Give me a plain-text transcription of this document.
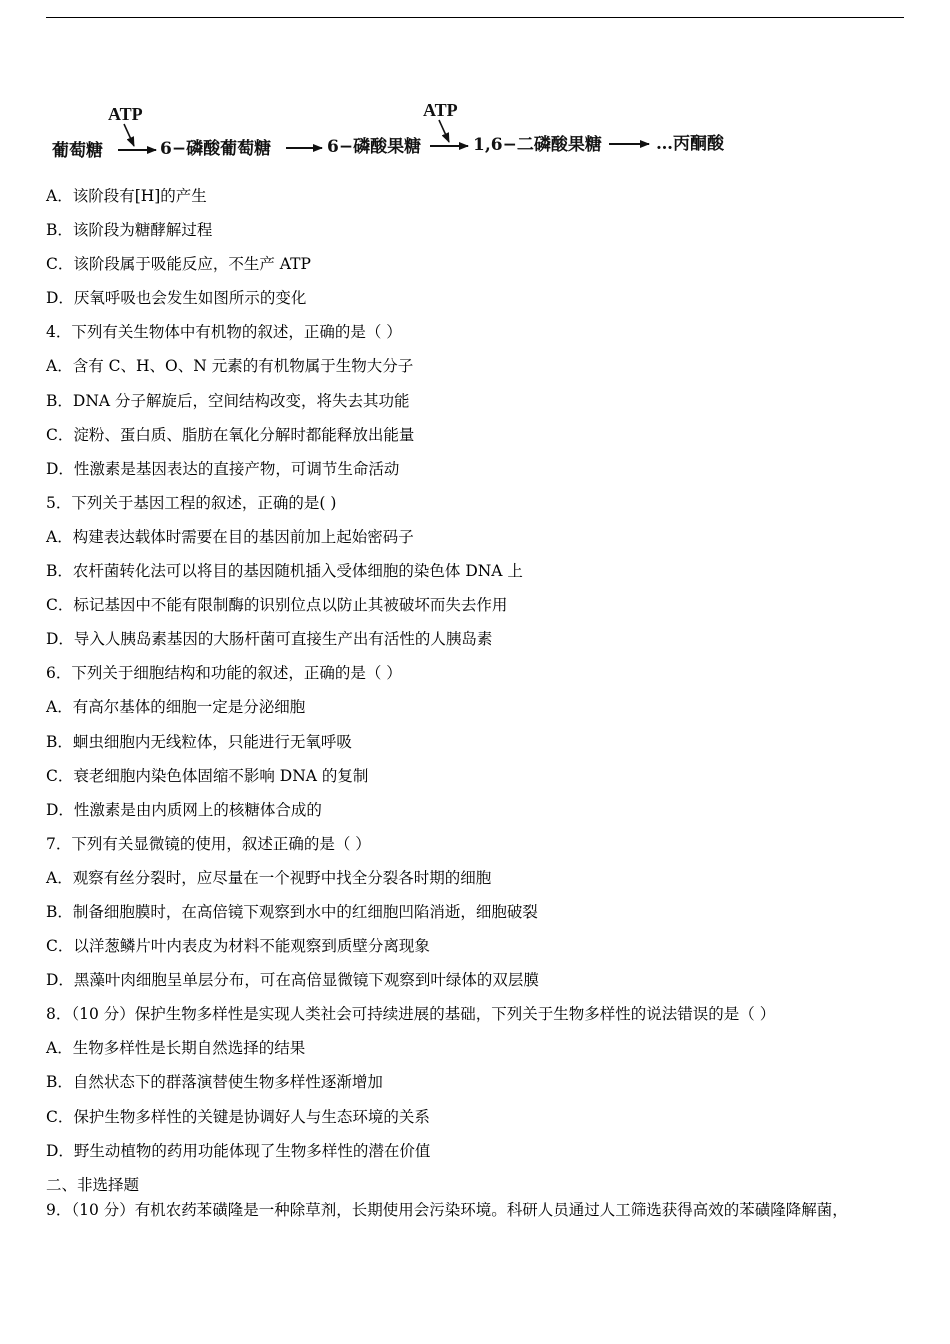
葡萄糖	6−磷酸葡萄糖	6−磷酸果糖	1,6−二磷酸果糖	…丙酮酸
ATP	ATP
A．该阶段有[H]的产生
B．该阶段为糖酵解过程
C．该阶段属于吸能反应，不生产 ATP
D．厌氧呼吸也会发生如图所示的变化
4．下列有关生物体中有机物的叙述，正确的是（ ）
A．含有 C、H、O、N 元素的有机物属于生物大分子
B．DNA 分子解旋后，空间结构改变，将失去其功能
C．淀粉、蛋白质、脂肪在氧化分解时都能释放出能量
D．性激素是基因表达的直接产物，可调节生命活动
5．下列关于基因工程的叙述，正确的是( )
A．构建表达载体时需要在目的基因前加上起始密码子
B．农杆菌转化法可以将目的基因随机插入受体细胞的染色体 DNA 上
C．标记基因中不能有限制酶的识别位点以防止其被破坏而失去作用
D．导入人胰岛素基因的大肠杆菌可直接生产出有活性的人胰岛素
6．下列关于细胞结构和功能的叙述，正确的是（ ）
A．有高尔基体的细胞一定是分泌细胞
B．蛔虫细胞内无线粒体，只能进行无氧呼吸
C．衰老细胞内染色体固缩不影响 DNA 的复制
D．性激素是由内质网上的核糖体合成的
7．下列有关显微镜的使用，叙述正确的是（ ）
A．观察有丝分裂时，应尽量在一个视野中找全分裂各时期的细胞
B．制备细胞膜时，在高倍镜下观察到水中的红细胞凹陷消逝，细胞破裂
C．以洋葱鳞片叶内表皮为材料不能观察到质壁分离现象
D．黑藻叶肉细胞呈单层分布，可在高倍显微镜下观察到叶绿体的双层膜
8．（10 分）保护生物多样性是实现人类社会可持续进展的基础，下列关于生物多样性的说法错误的是（ ）
A．生物多样性是长期自然选择的结果
B．自然状态下的群落演替使生物多样性逐渐增加
C．保护生物多样性的关键是协调好人与生态环境的关系
D．野生动植物的药用功能体现了生物多样性的潜在价值
二、非选择题
9．（10 分）有机农药苯磺隆是一种除草剂，长期使用会污染环境。科研人员通过人工筛选获得高效的苯磺隆降解菌，
